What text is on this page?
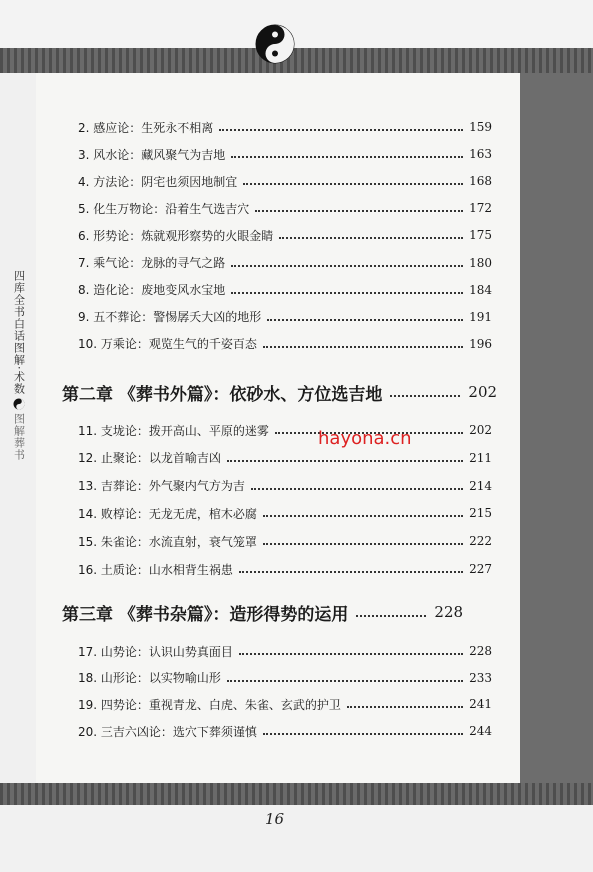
四库全书白话图解
·
术数
图解葬书
2. 感应论：生死永不相离	159
3. 风水论：藏风聚气为吉地	163
4. 方法论：阴宅也须因地制宜	168
5. 化生万物论：沿着生气选吉穴	172
6. 形势论：炼就观形察势的火眼金睛	175
7. 乘气论：龙脉的寻气之路	180
8. 造化论：废地变风水宝地	184
9. 五不葬论：警惕孱夭大凶的地形	191
10. 万乘论：观览生气的千姿百态	196
第二章 《葬书外篇》：依砂水、方位选吉地	202
11. 支垅论：拨开高山、平原的迷雾	202
12. 止聚论：以龙首喻吉凶	211
13. 吉葬论：外气聚内气方为吉	214
14. 败椁论：无龙无虎，棺木必腐	215
15. 朱雀论：水流直射，衰气笼罩	222
16. 土质论：山水相背生祸患	227
第三章 《葬书杂篇》：造形得势的运用	228
17. 山势论：认识山势真面目	228
18. 山形论：以实物喻山形	233
19. 四势论：重视青龙、白虎、朱雀、玄武的护卫	241
20. 三吉六凶论：选穴下葬须谨慎	244
hayona.cn
16
